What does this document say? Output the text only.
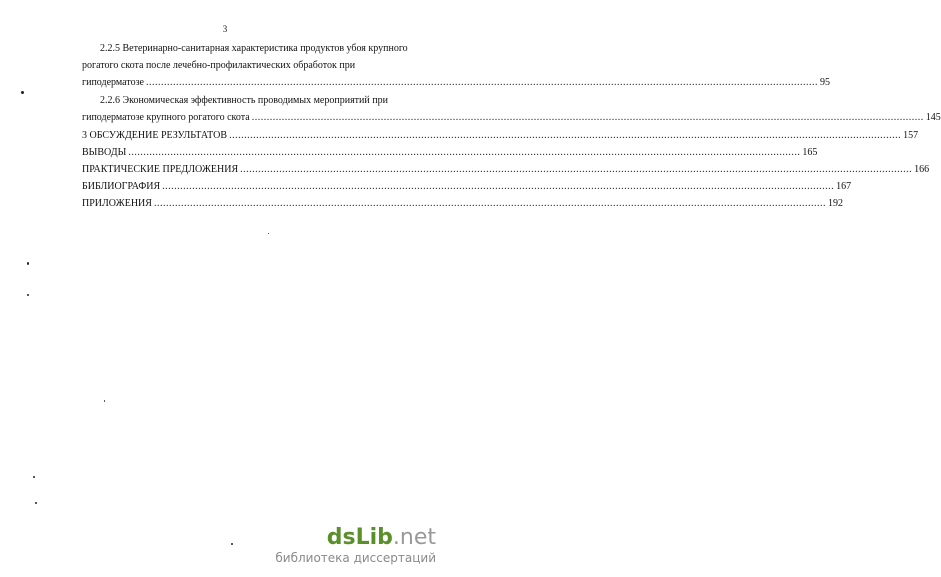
3
2.2.5 Ветеринарно-санитарная характеристика продуктов убоя крупного
рогатого скота после лечебно-профилактических обработок при
гиподерматозе .....	95
2.2.6 Экономическая эффективность проводимых мероприятий при
гиподерматозе крупного рогатого скота .....	145
3 ОБСУЖДЕНИЕ РЕЗУЛЬТАТОВ .....	157
ВЫВОДЫ .....	165
ПРАКТИЧЕСКИЕ ПРЕДЛОЖЕНИЯ .....	166
БИБЛИОГРАФИЯ .....	167
ПРИЛОЖЕНИЯ .....	192
dsLib.net
библиотека диссертаций
